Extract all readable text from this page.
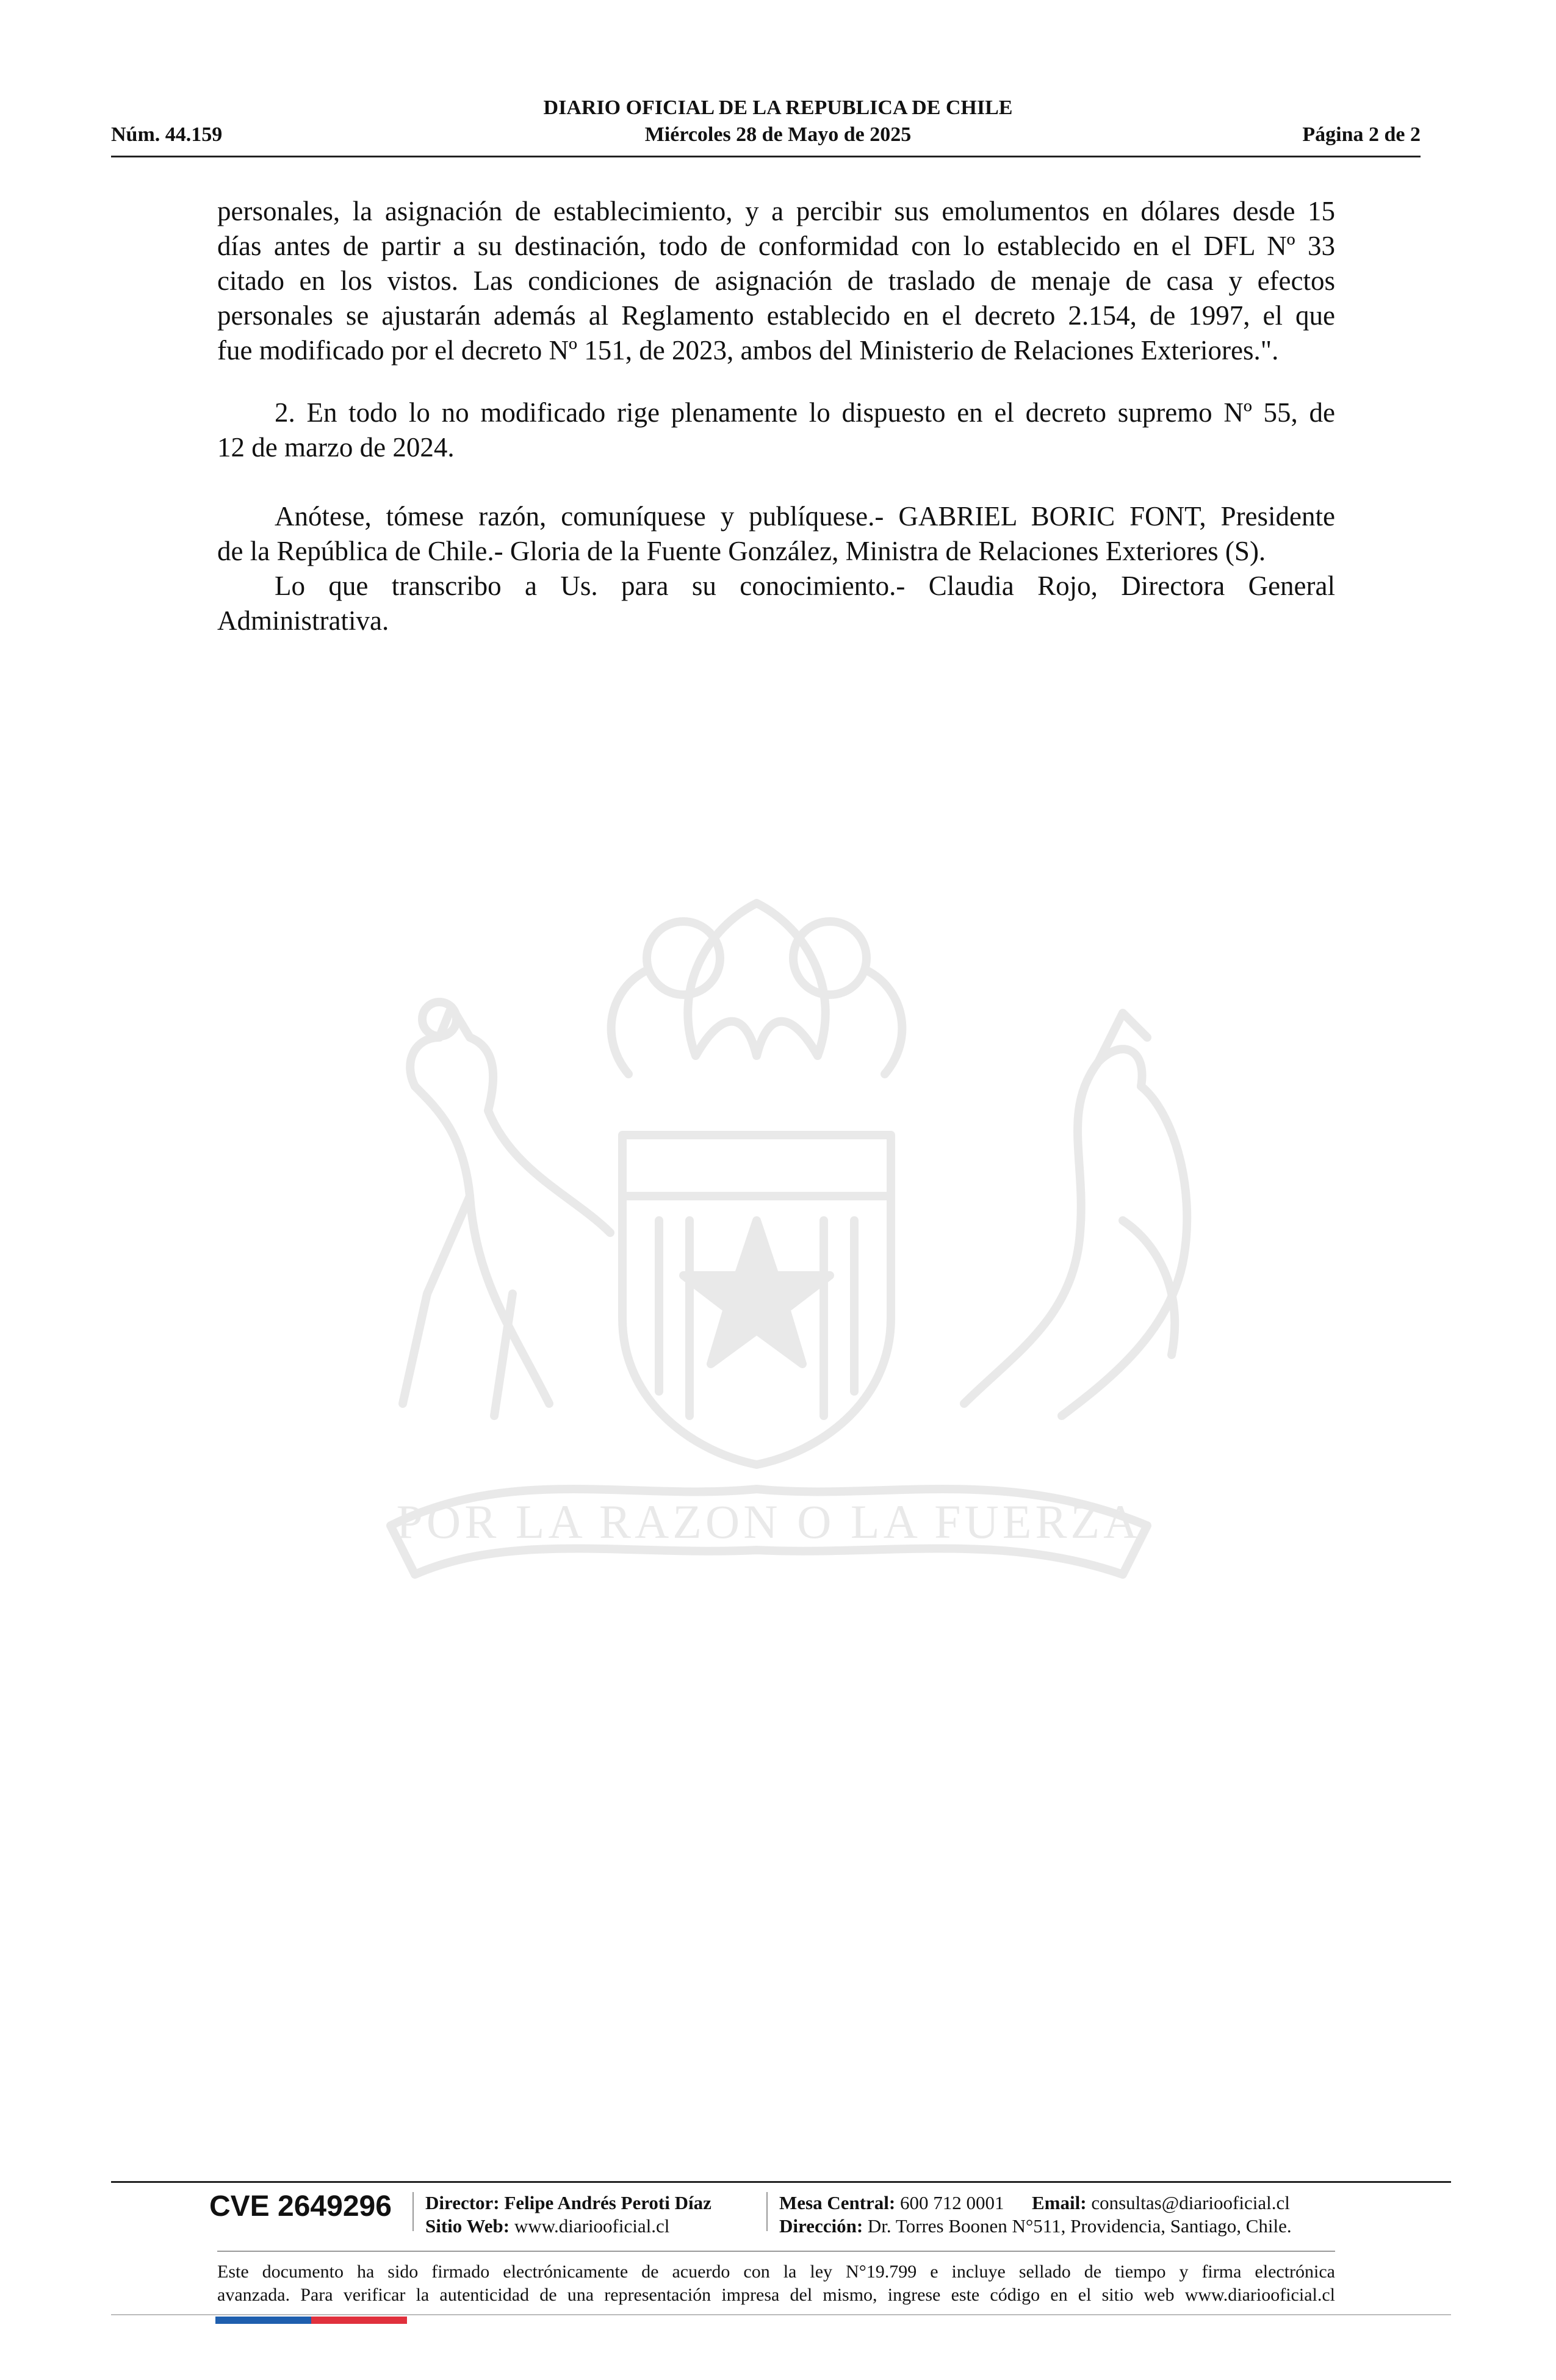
DIARIO OFICIAL DE LA REPUBLICA DE CHILE
Núm. 44.159	Miércoles 28 de Mayo de 2025	Página 2 de 2
POR LA RAZON O LA FUERZA
personales, la asignación de establecimiento, y a percibir sus emolumentos en dólares desde 15
días antes de partir a su destinación, todo de conformidad con lo establecido en el DFL Nº 33
citado en los vistos. Las condiciones de asignación de traslado de menaje de casa y efectos
personales se ajustarán además al Reglamento establecido en el decreto 2.154, de 1997, el que
fue modificado por el decreto Nº 151, de 2023, ambos del Ministerio de Relaciones Exteriores.".
2. En todo lo no modificado rige plenamente lo dispuesto en el decreto supremo Nº 55, de
12 de marzo de 2024.
Anótese, tómese razón, comuníquese y publíquese.- GABRIEL BORIC FONT, Presidente
de la República de Chile.- Gloria de la Fuente González, Ministra de Relaciones Exteriores (S).
Lo que transcribo a Us. para su conocimiento.- Claudia Rojo, Directora General
Administrativa.
CVE 2649296 Director: Felipe Andrés Peroti Díaz
Sitio Web: www.diariooficial.cl
Mesa Central: 600 712 0001 Email: consultas@diariooficial.cl
Dirección: Dr. Torres Boonen N°511, Providencia, Santiago, Chile.
Este documento ha sido firmado electrónicamente de acuerdo con la ley N°19.799 e incluye sellado de tiempo y firma electrónica
avanzada. Para verificar la autenticidad de una representación impresa del mismo, ingrese este código en el sitio web www.diariooficial.cl
